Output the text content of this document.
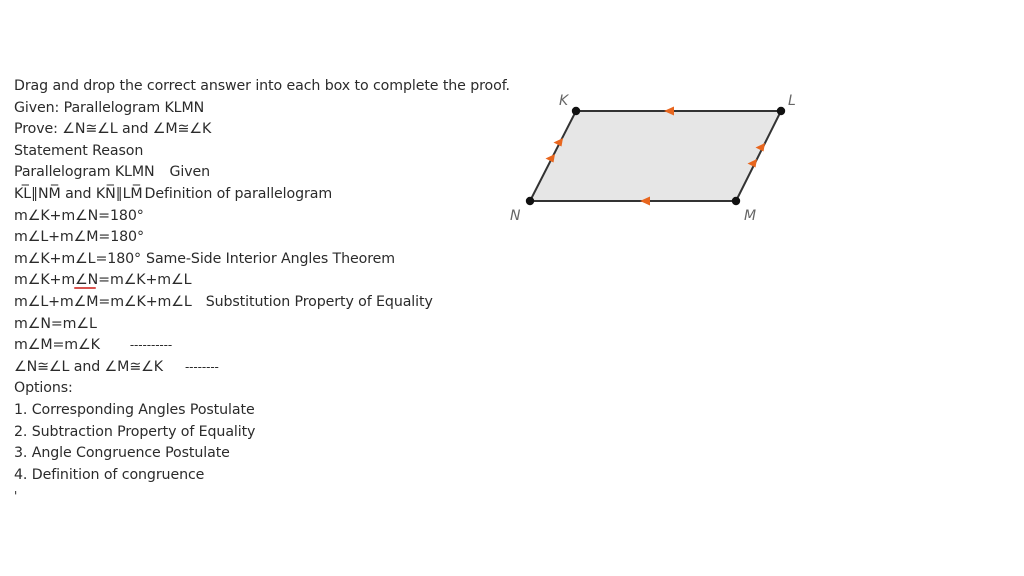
Drag and drop the correct answer into each box to complete the proof.
Given: Parallelogram KLMN
Prove: ∠N≅∠L and ∠M≅∠K
Statement Reason
Parallelogram KLMN Given
KL̅∥NM̅ and KN̅∥LM̅ Definition of parallelogram
m∠K+m∠N=180°
m∠L+m∠M=180°
m∠K+m∠L=180° Same-Side Interior Angles Theorem
m∠K+m∠N=m∠K+m∠L
m∠L+m∠M=m∠K+m∠L Substitution Property of Equality
m∠N=m∠L
m∠M=m∠K	----------
∠N≅∠L and ∠M≅∠K --------
Options:
1. Corresponding Angles Postulate
2. Subtraction Property of Equality
3. Angle Congruence Postulate
4. Definition of congruence
'
K	L
M
N
